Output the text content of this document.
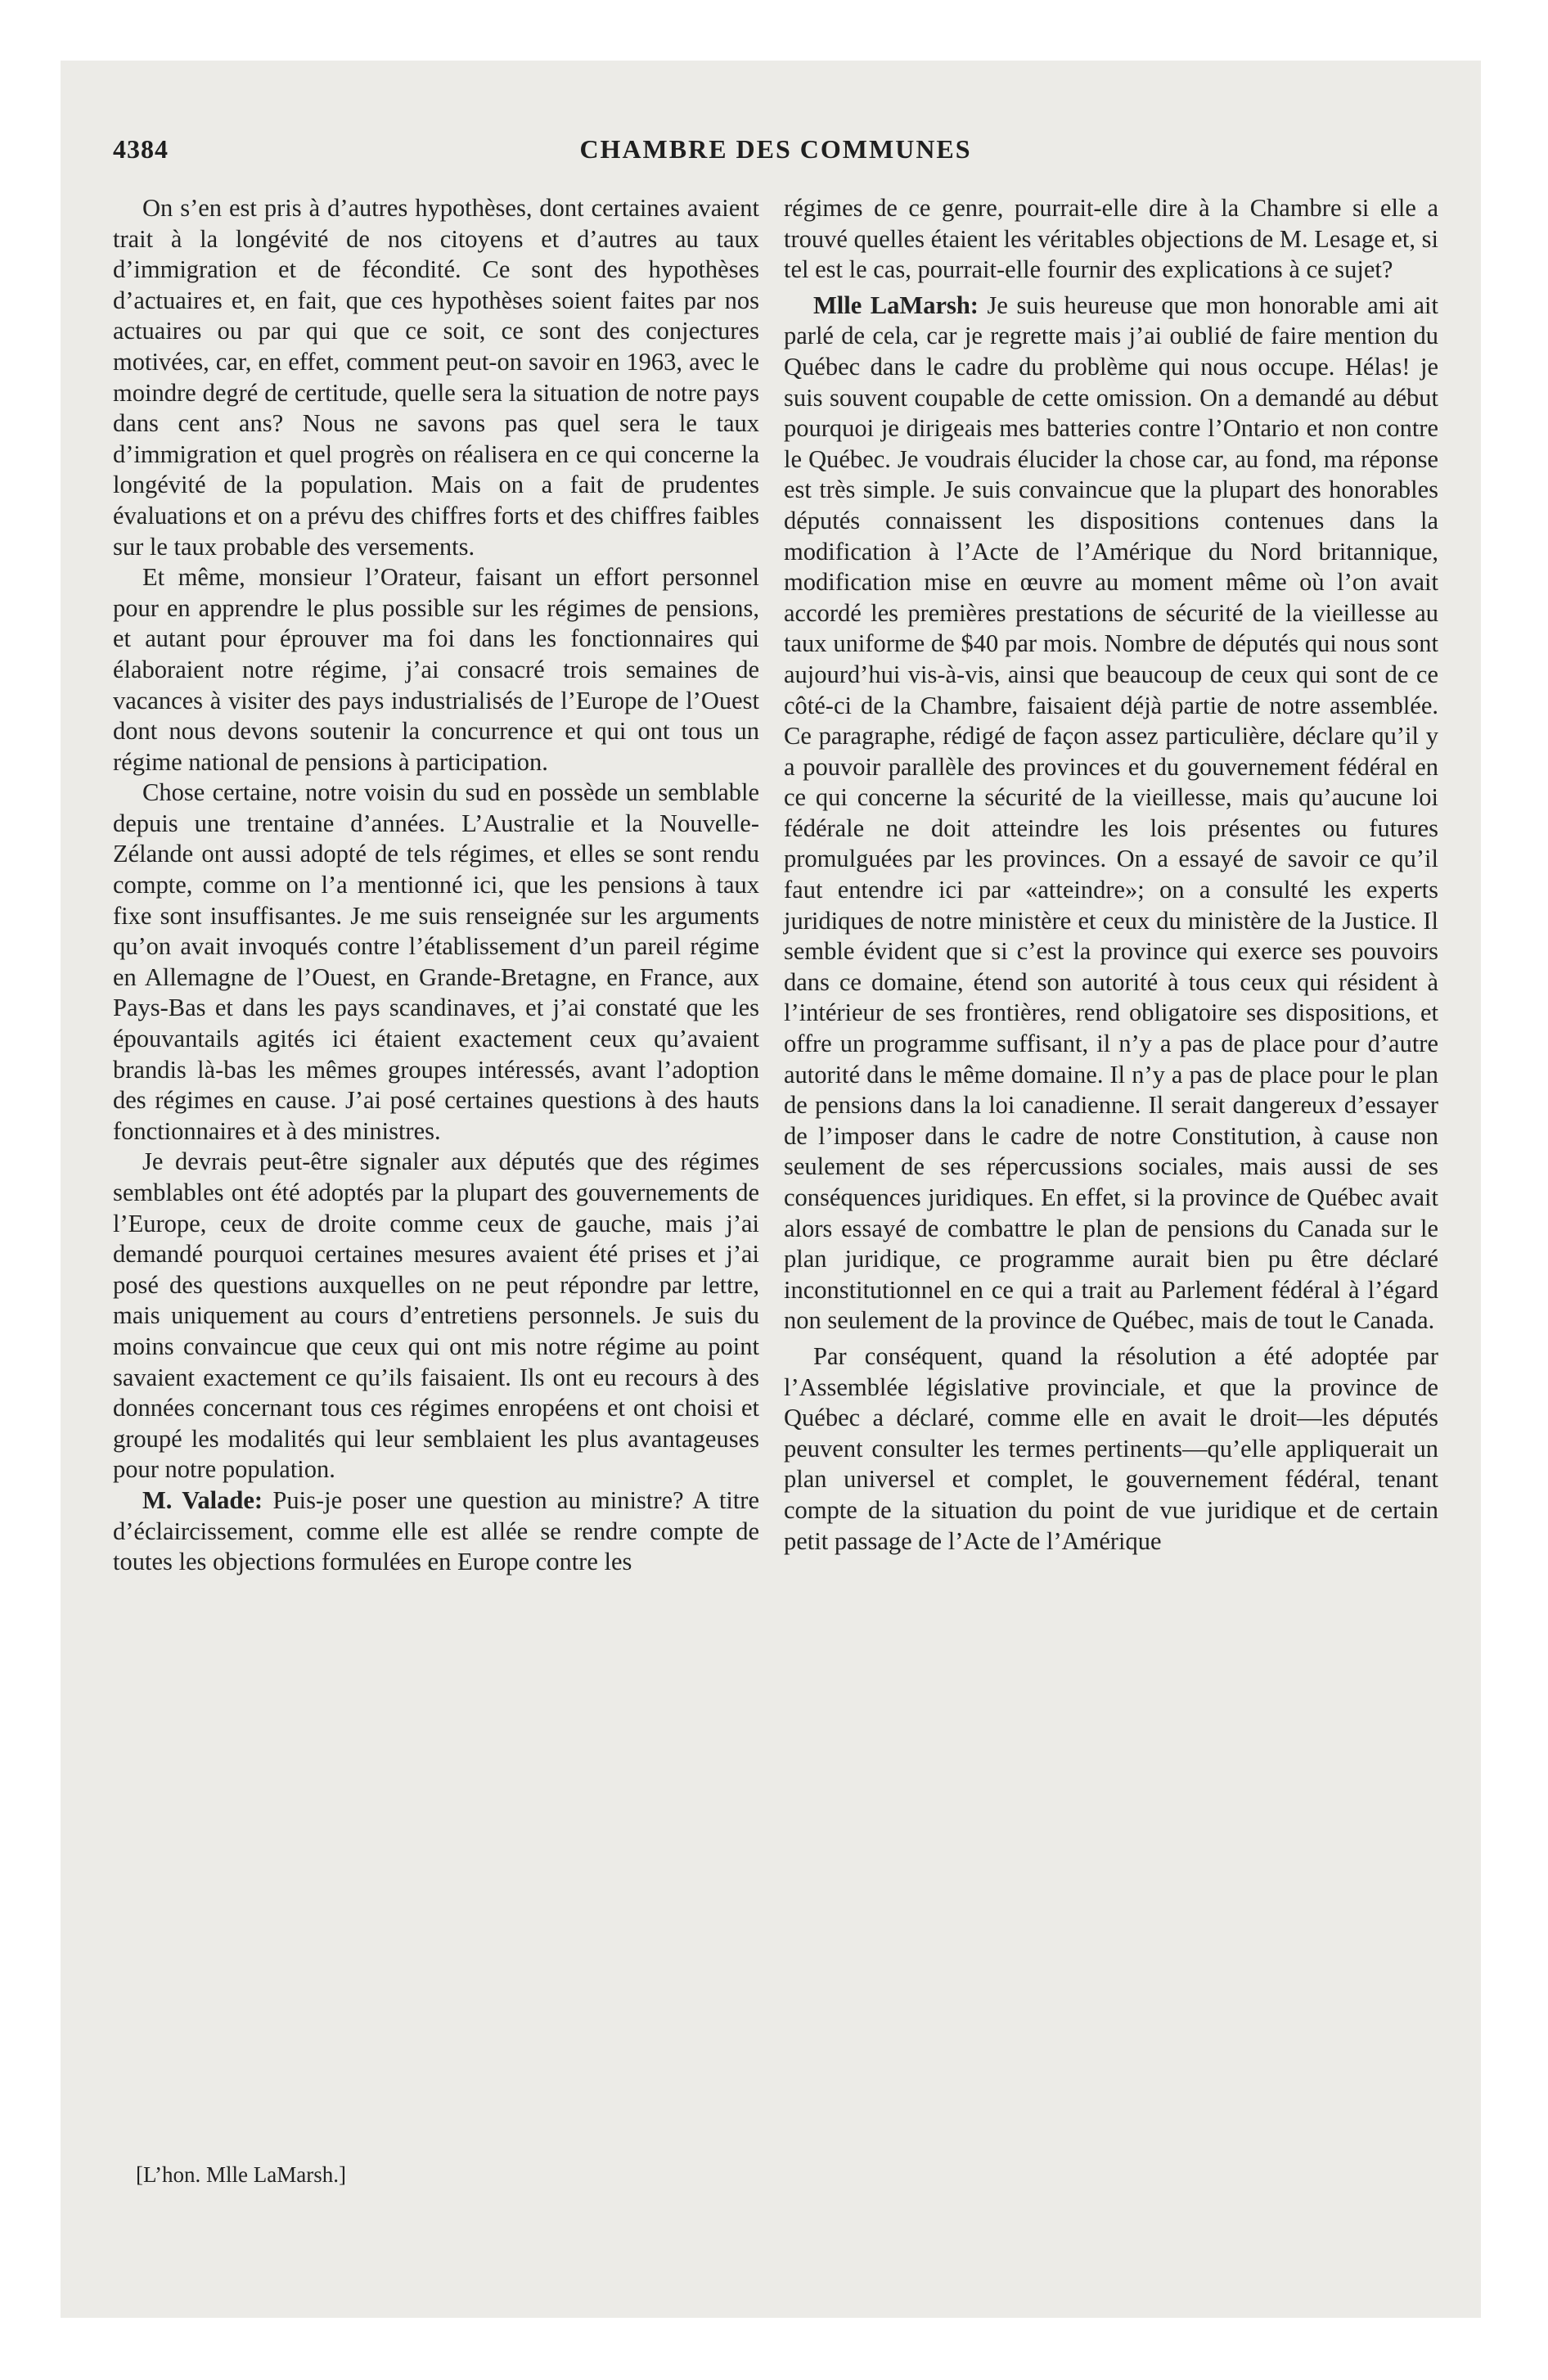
4384	CHAMBRE DES COMMUNES

On s’en est pris à d’autres hypothèses, dont certaines avaient trait à la longévité de nos citoyens et d’autres au taux d’immigration et de fécondité. Ce sont des hypothèses d’actuaires et, en fait, que ces hypothèses soient faites par nos actuaires ou par qui que ce soit, ce sont des conjectures motivées, car, en effet, comment peut-on savoir en 1963, avec le moindre degré de certitude, quelle sera la situation de notre pays dans cent ans? Nous ne savons pas quel sera le taux d’immigration et quel progrès on réalisera en ce qui concerne la longévité de la population. Mais on a fait de prudentes évaluations et on a prévu des chiffres forts et des chiffres faibles sur le taux probable des versements.

Et même, monsieur l’Orateur, faisant un effort personnel pour en apprendre le plus possible sur les régimes de pensions, et autant pour éprouver ma foi dans les fonctionnaires qui élaboraient notre régime, j’ai consacré trois semaines de vacances à visiter des pays industrialisés de l’Europe de l’Ouest dont nous devons soutenir la concurrence et qui ont tous un régime national de pensions à participation.

Chose certaine, notre voisin du sud en possède un semblable depuis une trentaine d’années. L’Australie et la Nouvelle-Zélande ont aussi adopté de tels régimes, et elles se sont rendu compte, comme on l’a mentionné ici, que les pensions à taux fixe sont insuffisantes. Je me suis renseignée sur les arguments qu’on avait invoqués contre l’établissement d’un pareil régime en Allemagne de l’Ouest, en Grande-Bretagne, en France, aux Pays-Bas et dans les pays scandinaves, et j’ai constaté que les épouvantails agités ici étaient exactement ceux qu’avaient brandis là-bas les mêmes groupes intéressés, avant l’adoption des régimes en cause. J’ai posé certaines questions à des hauts fonctionnaires et à des ministres.

Je devrais peut-être signaler aux députés que des régimes semblables ont été adoptés par la plupart des gouvernements de l’Europe, ceux de droite comme ceux de gauche, mais j’ai demandé pourquoi certaines mesures avaient été prises et j’ai posé des questions auxquelles on ne peut répondre par lettre, mais uniquement au cours d’entretiens personnels. Je suis du moins convaincue que ceux qui ont mis notre régime au point savaient exactement ce qu’ils faisaient. Ils ont eu recours à des données concernant tous ces régimes enropéens et ont choisi et groupé les modalités qui leur semblaient les plus avantageuses pour notre population.

M. Valade: Puis-je poser une question au ministre? A titre d’éclaircissement, comme elle est allée se rendre compte de toutes les objections formulées en Europe contre les

régimes de ce genre, pourrait-elle dire à la Chambre si elle a trouvé quelles étaient les véritables objections de M. Lesage et, si tel est le cas, pourrait-elle fournir des explications à ce sujet?

Mlle LaMarsh: Je suis heureuse que mon honorable ami ait parlé de cela, car je regrette mais j’ai oublié de faire mention du Québec dans le cadre du problème qui nous occupe. Hélas! je suis souvent coupable de cette omission. On a demandé au début pourquoi je dirigeais mes batteries contre l’Ontario et non contre le Québec. Je voudrais élucider la chose car, au fond, ma réponse est très simple. Je suis convaincue que la plupart des honorables députés connaissent les dispositions contenues dans la modification à l’Acte de l’Amérique du Nord britannique, modification mise en œuvre au moment même où l’on avait accordé les premières prestations de sécurité de la vieillesse au taux uniforme de $40 par mois. Nombre de députés qui nous sont aujourd’hui vis-à-vis, ainsi que beaucoup de ceux qui sont de ce côté-ci de la Chambre, faisaient déjà partie de notre assemblée. Ce paragraphe, rédigé de façon assez particulière, déclare qu’il y a pouvoir parallèle des provinces et du gouvernement fédéral en ce qui concerne la sécurité de la vieillesse, mais qu’aucune loi fédérale ne doit atteindre les lois présentes ou futures promulguées par les provinces. On a essayé de savoir ce qu’il faut entendre ici par «atteindre»; on a consulté les experts juridiques de notre ministère et ceux du ministère de la Justice. Il semble évident que si c’est la province qui exerce ses pouvoirs dans ce domaine, étend son autorité à tous ceux qui résident à l’intérieur de ses frontières, rend obligatoire ses dispositions, et offre un programme suffisant, il n’y a pas de place pour d’autre autorité dans le même domaine. Il n’y a pas de place pour le plan de pensions dans la loi canadienne. Il serait dangereux d’essayer de l’imposer dans le cadre de notre Constitution, à cause non seulement de ses répercussions sociales, mais aussi de ses conséquences juridiques. En effet, si la province de Québec avait alors essayé de combattre le plan de pensions du Canada sur le plan juridique, ce programme aurait bien pu être déclaré inconstitutionnel en ce qui a trait au Parlement fédéral à l’égard non seulement de la province de Québec, mais de tout le Canada.

Par conséquent, quand la résolution a été adoptée par l’Assemblée législative provinciale, et que la province de Québec a déclaré, comme elle en avait le droit—les députés peuvent consulter les termes pertinents—qu’elle appliquerait un plan universel et complet, le gouvernement fédéral, tenant compte de la situation du point de vue juridique et de certain petit passage de l’Acte de l’Amérique

[L’hon. Mlle LaMarsh.]
